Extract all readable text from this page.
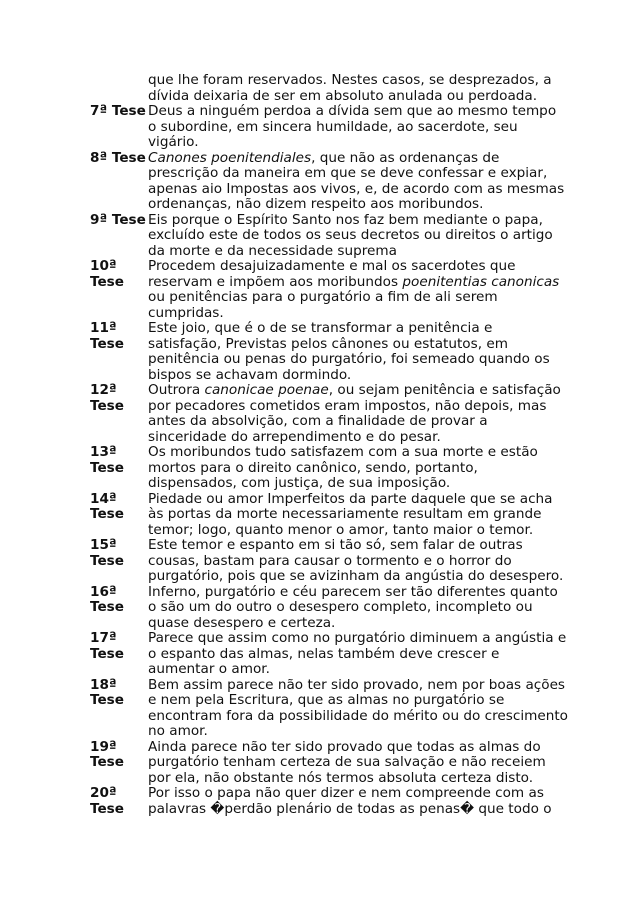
que lhe foram reservados. Nestes casos, se desprezados, a
dívida deixaria de ser em absoluto anulada ou perdoada.
7ª Tese Deus a ninguém perdoa a dívida sem que ao mesmo tempo
o subordine, em sincera humildade, ao sacerdote, seu
vigário.
8ª Tese Canones poenitendiales, que não as ordenanças de
prescrição da maneira em que se deve confessar e expiar,
apenas aio Impostas aos vivos, e, de acordo com as mesmas
ordenanças, não dizem respeito aos moribundos.
9ª Tese Eis porque o Espírito Santo nos faz bem mediante o papa,
excluído este de todos os seus decretos ou direitos o artigo
da morte e da necessidade suprema
10ª
Tese
Procedem desajuizadamente e mal os sacerdotes que
reservam e impõem aos moribundos poenitentias canonicas
ou penitências para o purgatório a fim de ali serem
cumpridas.
11ª
Tese
Este joio, que é o de se transformar a penitência e
satisfação, Previstas pelos cânones ou estatutos, em
penitência ou penas do purgatório, foi semeado quando os
bispos se achavam dormindo.
12ª
Tese
Outrora canonicae poenae, ou sejam penitência e satisfação
por pecadores cometidos eram impostos, não depois, mas
antes da absolvição, com a finalidade de provar a
sinceridade do arrependimento e do pesar.
13ª
Tese
Os moribundos tudo satisfazem com a sua morte e estão
mortos para o direito canônico, sendo, portanto,
dispensados, com justiça, de sua imposição.
14ª
Tese
Piedade ou amor Imperfeitos da parte daquele que se acha
às portas da morte necessariamente resultam em grande
temor; logo, quanto menor o amor, tanto maior o temor.
15ª
Tese
Este temor e espanto em si tão só, sem falar de outras
cousas, bastam para causar o tormento e o horror do
purgatório, pois que se avizinham da angústia do desespero.
16ª
Tese
Inferno, purgatório e céu parecem ser tão diferentes quanto
o são um do outro o desespero completo, incompleto ou
quase desespero e certeza.
17ª
Tese
Parece que assim como no purgatório diminuem a angústia e
o espanto das almas, nelas também deve crescer e
aumentar o amor.
18ª
Tese
Bem assim parece não ter sido provado, nem por boas ações
e nem pela Escritura, que as almas no purgatório se
encontram fora da possibilidade do mérito ou do crescimento
no amor.
19ª
Tese
Ainda parece não ter sido provado que todas as almas do
purgatório tenham certeza de sua salvação e não receiem
por ela, não obstante nós termos absoluta certeza disto.
20ª
Tese
Por isso o papa não quer dizer e nem compreende com as
palavras �perdão plenário de todas as penas� que todo o
